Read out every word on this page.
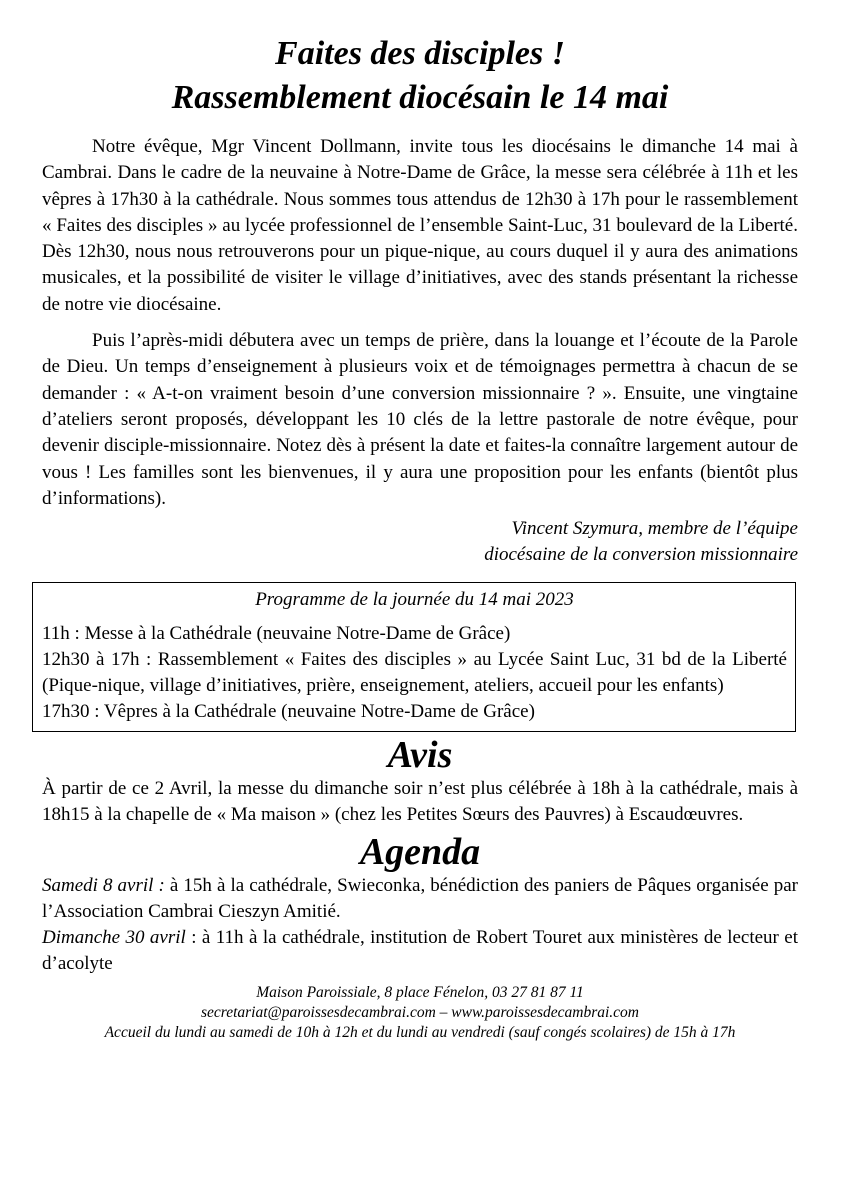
Faites des disciples !
Rassemblement diocésain le 14 mai

Notre évêque, Mgr Vincent Dollmann, invite tous les diocésains le dimanche 14 mai à Cambrai. Dans le cadre de la neuvaine à Notre-Dame de Grâce, la messe sera célébrée à 11h et les vêpres à 17h30 à la cathédrale. Nous sommes tous attendus de 12h30 à 17h pour le rassemblement « Faites des disciples » au lycée professionnel de l’ensemble Saint-Luc, 31 boulevard de la Liberté. Dès 12h30, nous nous retrouverons pour un pique-nique, au cours duquel il y aura des animations musicales, et la possibilité de visiter le village d’initiatives, avec des stands présentant la richesse de notre vie diocésaine.

Puis l’après-midi débutera avec un temps de prière, dans la louange et l’écoute de la Parole de Dieu. Un temps d’enseignement à plusieurs voix et de témoignages permettra à chacun de se demander : « A-t-on vraiment besoin d’une conversion missionnaire ? ». Ensuite, une vingtaine d’ateliers seront proposés, développant les 10 clés de la lettre pastorale de notre évêque, pour devenir disciple-missionnaire. Notez dès à présent la date et faites-la connaître largement autour de vous ! Les familles sont les bienvenues, il y aura une proposition pour les enfants (bientôt plus d’informations).

Vincent Szymura, membre de l’équipe
diocésaine de la conversion missionnaire
Programme de la journée du 14 mai 2023

11h : Messe à la Cathédrale (neuvaine Notre-Dame de Grâce)

12h30 à 17h : Rassemblement « Faites des disciples » au Lycée Saint Luc, 31 bd de la Liberté (Pique-nique, village d’initiatives, prière, enseignement, ateliers, accueil pour les enfants)

17h30 : Vêpres à la Cathédrale (neuvaine Notre-Dame de Grâce)

Avis

À partir de ce 2 Avril, la messe du dimanche soir n’est plus célébrée à 18h à la cathédrale, mais à 18h15 à la chapelle de « Ma maison » (chez les Petites Sœurs des Pauvres) à Escaudœuvres.

Agenda

Samedi 8 avril : à 15h à la cathédrale, Swieconka, bénédiction des paniers de Pâques organisée par l’Association Cambrai Cieszyn Amitié.

Dimanche 30 avril : à 11h à la cathédrale, institution de Robert Touret aux ministères de lecteur et d’acolyte

Maison Paroissiale, 8 place Fénelon, 03 27 81 87 11
secretariat@paroissesdecambrai.com – www.paroissesdecambrai.com
Accueil du lundi au samedi de 10h à 12h et du lundi au vendredi (sauf congés scolaires) de 15h à 17h
